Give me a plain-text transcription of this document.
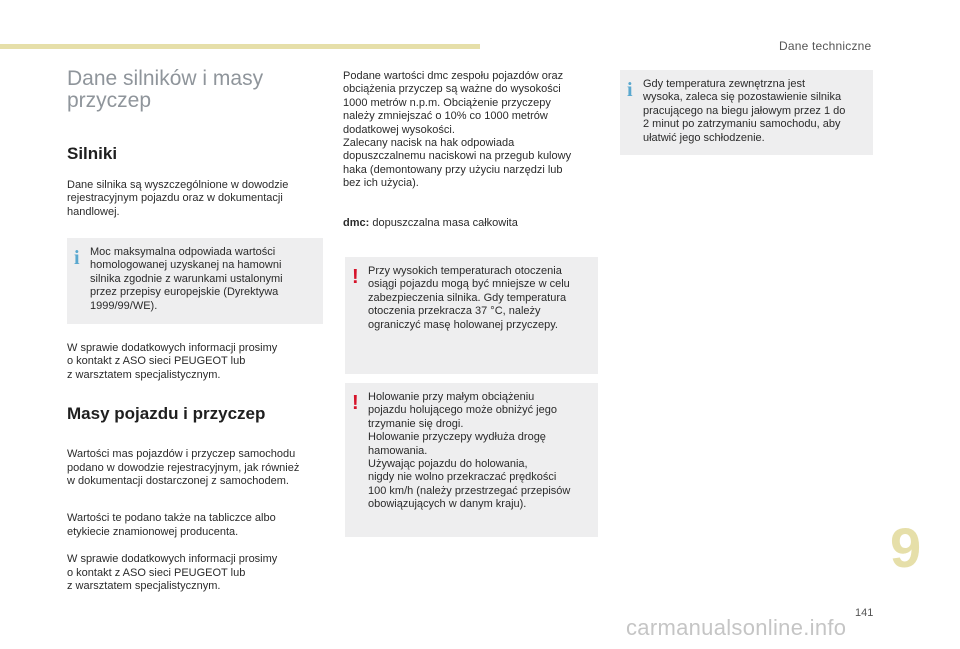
Dane techniczne
Dane silników i masy
przyczep
Silniki

Dane silnika są wyszczególnione w dowodzie
rejestracyjnym pojazdu oraz w dokumentacji
handlowej.

i Moc maksymalna odpowiada wartości
homologowanej uzyskanej na hamowni
silnika zgodnie z warunkami ustalonymi
przez przepisy europejskie (Dyrektywa
1999/99/WE).

W sprawie dodatkowych informacji prosimy
o kontakt z ASO sieci PEUGEOT lub
z warsztatem specjalistycznym.

Masy pojazdu i przyczep

Wartości mas pojazdów i przyczep samochodu
podano w dowodzie rejestracyjnym, jak również
w dokumentacji dostarczonej z samochodem.

Wartości te podano także na tabliczce albo
etykiecie znamionowej producenta.

W sprawie dodatkowych informacji prosimy
o kontakt z ASO sieci PEUGEOT lub
z warsztatem specjalistycznym.

Podane wartości dmc zespołu pojazdów oraz
obciążenia przyczep są ważne do wysokości
1000 metrów n.p.m. Obciążenie przyczepy
należy zmniejszać o 10% co 1000 metrów
dodatkowej wysokości.
Zalecany nacisk na hak odpowiada
dopuszczalnemu naciskowi na przegub kulowy
haka (demontowany przy użyciu narzędzi lub
bez ich użycia).

dmc: dopuszczalna masa całkowita

! Przy wysokich temperaturach otoczenia
osiągi pojazdu mogą być mniejsze w celu
zabezpieczenia silnika. Gdy temperatura
otoczenia przekracza 37 °C, należy
ograniczyć masę holowanej przyczepy.

! Holowanie przy małym obciążeniu
pojazdu holującego może obniżyć jego
trzymanie się drogi.
Holowanie przyczepy wydłuża drogę
hamowania.
Używając pojazdu do holowania,
nigdy nie wolno przekraczać prędkości
100 km/h (należy przestrzegać przepisów
obowiązujących w danym kraju).

i Gdy temperatura zewnętrzna jest
wysoka, zaleca się pozostawienie silnika
pracującego na biegu jałowym przez 1 do
2 minut po zatrzymaniu samochodu, aby
ułatwić jego schłodzenie.

9
141
carmanualsonline.info
